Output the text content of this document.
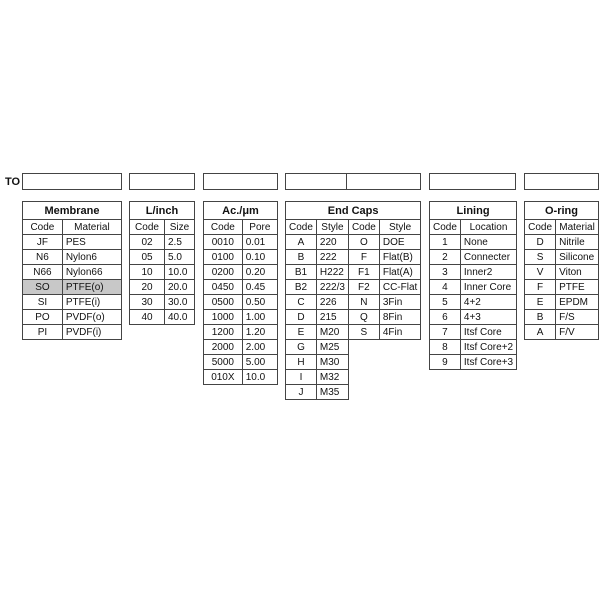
TO
Membrane	
Code	Material
JF	PES
N6	Nylon6
N66	Nylon66
SO	PTFE(o)
SI	PTFE(i)
PO	PVDF(o)
PI	PVDF(i)
L/inch	
Code	Size
02	2.5
05	5.0
10	10.0
20	20.0
30	30.0
40	40.0
Ac./μm	
Code	Pore
0010	0.01
0100	0.10
0200	0.20
0450	0.45
0500	0.50
1000	1.00
1200	1.20
2000	2.00
5000	5.00
010X	10.0
End Caps			
Code	Style	Code	Style
A	220	O	DOE
B	222	F	Flat(B)
B1	H222	F1	Flat(A)
B2	222/3	F2	CC-Flat
C	226	N	3Fin
D	215	Q	8Fin
E	M20	S	4Fin
G	M25		
H	M30		
I	M32		
J	M35		
Lining	
Code	Location
1	None
2	Connecter
3	Inner2
4	Inner Core
5	4+2
6	4+3
7	Itsf Core
8	Itsf Core+2
9	Itsf Core+3
O-ring	
Code	Material
D	Nitrile
S	Silicone
V	Viton
F	PTFE
E	EPDM
B	F/S
A	F/V
